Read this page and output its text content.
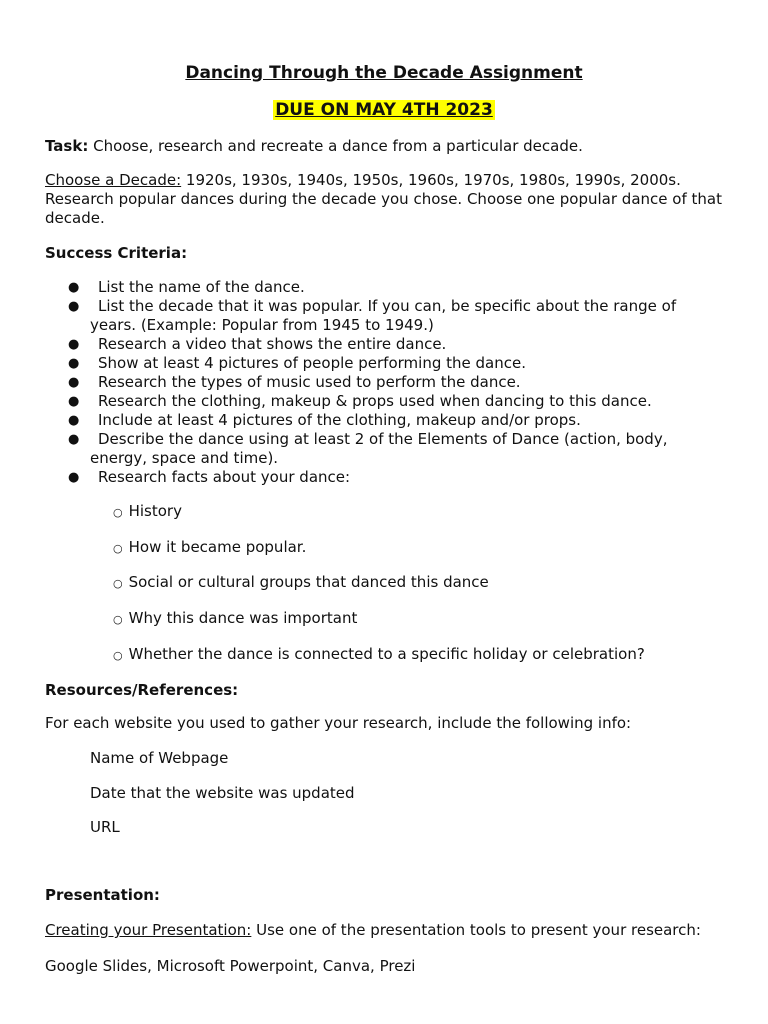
Dancing Through the Decade Assignment
DUE ON MAY 4TH 2023
Task: Choose, research and recreate a dance from a particular decade.
Choose a Decade: 1920s, 1930s, 1940s, 1950s, 1960s, 1970s, 1980s, 1990s, 2000s. Research popular dances during the decade you chose. Choose one popular dance of that decade.
Success Criteria:
●	List the name of the dance.
●	List the decade that it was popular. If you can, be specific about the range of years. (Example: Popular from 1945 to 1949.)
●	Research a video that shows the entire dance.
●	Show at least 4 pictures of people performing the dance.
●	Research the types of music used to perform the dance.
●	Research the clothing, makeup & props used when dancing to this dance.
●	Include at least 4 pictures of the clothing, makeup and/or props.
●	Describe the dance using at least 2 of the Elements of Dance (action, body, energy, space and time).
●	Research facts about your dance:
○ History
○ How it became popular.
○ Social or cultural groups that danced this dance
○ Why this dance was important
○ Whether the dance is connected to a specific holiday or celebration?
Resources/References:
For each website you used to gather your research, include the following info:
Name of Webpage
Date that the website was updated
URL
Presentation:
Creating your Presentation: Use one of the presentation tools to present your research:
Google Slides, Microsoft Powerpoint, Canva, Prezi
